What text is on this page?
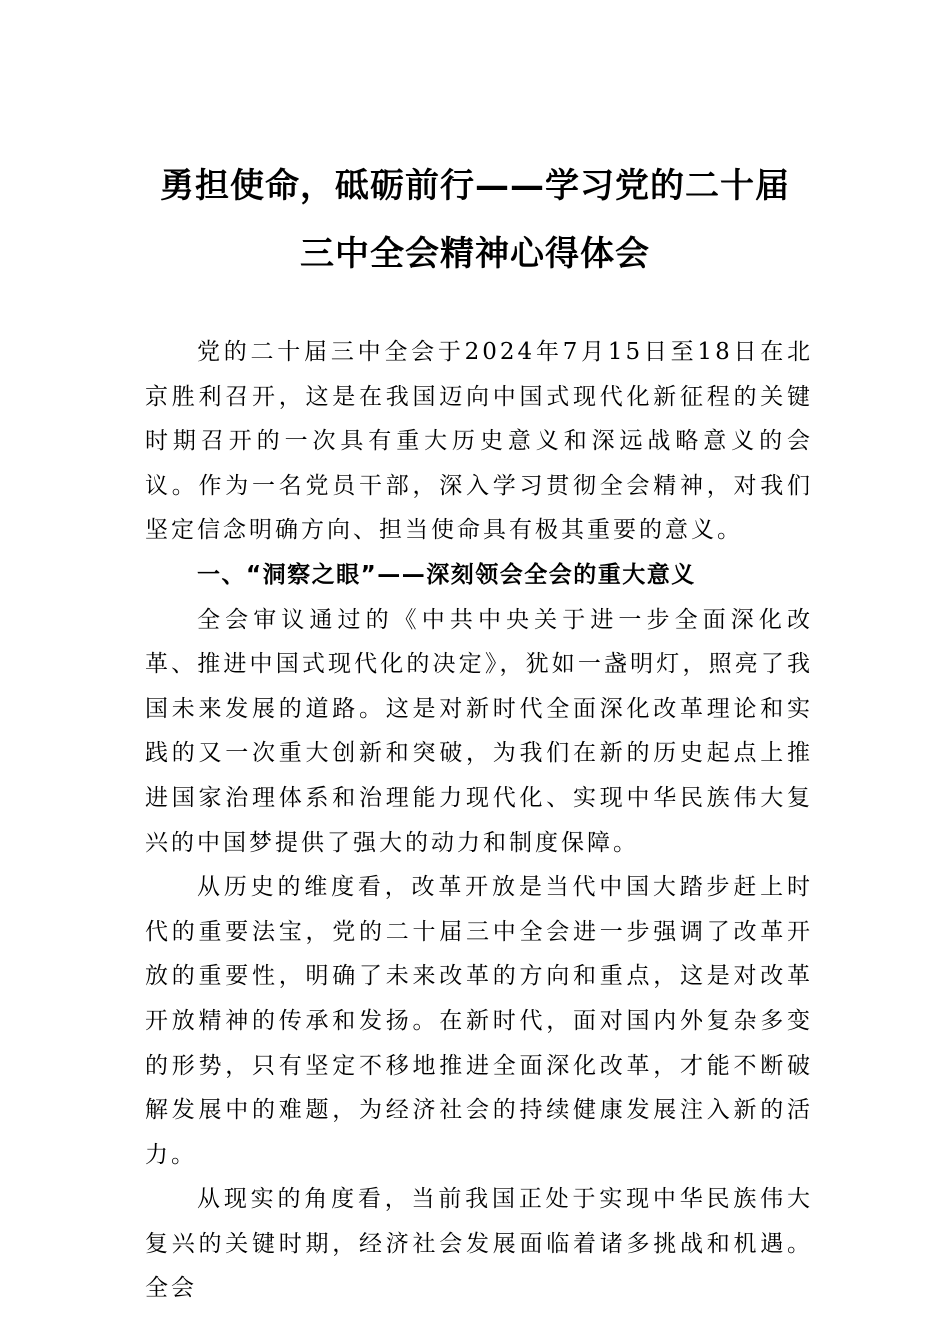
勇担使命，砥砺前行——学习党的二十届
三中全会精神心得体会

党的二十届三中全会于2024年7月15日至18日在北京胜利召开，这是在我国迈向中国式现代化新征程的关键时期召开的一次具有重大历史意义和深远战略意义的会议。作为一名党员干部，深入学习贯彻全会精神，对我们坚定信念明确方向、担当使命具有极其重要的意义。

一、“洞察之眼”——深刻领会全会的重大意义

全会审议通过的《中共中央关于进一步全面深化改革、推进中国式现代化的决定》，犹如一盏明灯，照亮了我国未来发展的道路。这是对新时代全面深化改革理论和实践的又一次重大创新和突破，为我们在新的历史起点上推进国家治理体系和治理能力现代化、实现中华民族伟大复兴的中国梦提供了强大的动力和制度保障。

从历史的维度看，改革开放是当代中国大踏步赶上时代的重要法宝，党的二十届三中全会进一步强调了改革开放的重要性，明确了未来改革的方向和重点，这是对改革开放精神的传承和发扬。在新时代，面对国内外复杂多变的形势，只有坚定不移地推进全面深化改革，才能不断破解发展中的难题，为经济社会的持续健康发展注入新的活力。

从现实的角度看，当前我国正处于实现中华民族伟大复兴的关键时期，经济社会发展面临着诸多挑战和机遇。全会
